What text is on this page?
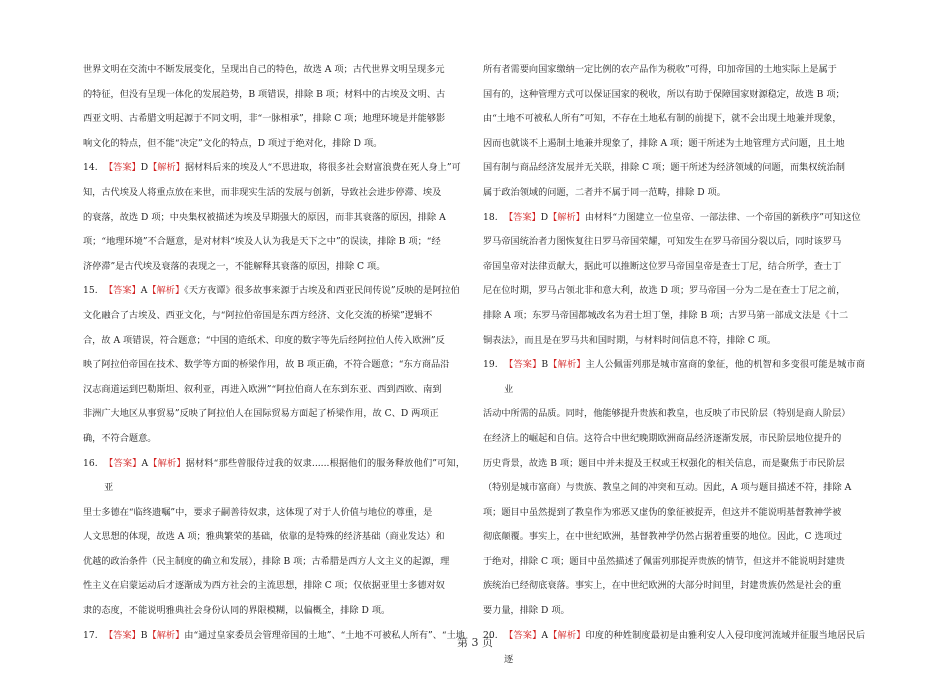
世界文明在交流中不断发展变化，呈现出自己的特色，故选 A 项；古代世界文明呈现多元

的特征，但没有呈现一体化的发展趋势，B 项错误，排除 B 项；材料中的古埃及文明、古

西亚文明、古希腊文明起源于不同文明，非“一脉相承”，排除 C 项；地理环境是并能够影

响文化的特点，但不能“决定”文化的特点，D 项过于绝对化，排除 D 项。

14. 【答案】D【解析】据材料后来的埃及人“不思进取，将很多社会财富浪费在死人身上”可

知，古代埃及人将重点放在来世，而非现实生活的发展与创新，导致社会进步停滞、埃及

的衰落，故选 D 项；中央集权被描述为埃及早期强大的原因，而非其衰落的原因，排除 A

项；“地理环境”不合题意，是对材料“埃及人认为我是天下之中”的误读，排除 B 项；“经

济停滞”是古代埃及衰落的表现之一，不能解释其衰落的原因，排除 C 项。

15. 【答案】A【解析】《天方夜谭》很多故事来源于古埃及和西亚民间传说”反映的是阿拉伯

文化融合了古埃及、西亚文化，与“阿拉伯帝国是东西方经济、文化交流的桥梁”逻辑不

合，故 A 项错误，符合题意；“中国的造纸术、印度的数字等先后经阿拉伯人传入欧洲”反

映了阿拉伯帝国在技术、数学等方面的桥梁作用，故 B 项正确，不符合题意；“东方商品沿

汉志商道运到巴勒斯坦、叙利亚，再进入欧洲”“阿拉伯商人在东到东亚、西到西欧、南到

非洲广大地区从事贸易”反映了阿拉伯人在国际贸易方面起了桥梁作用，故 C、D 两项正

确，不符合题意。

16. 【答案】A【解析】据材料“那些曾服侍过我的奴隶......根据他们的服务释放他们”可知，亚

里士多德在“临终遗嘱”中，要求子嗣善待奴隶，这体现了对于人价值与地位的尊重，是

人文思想的体现，故选 A 项；雅典繁荣的基础，依靠的是特殊的经济基础（商业发达）和

优越的政治条件（民主制度的确立和发展），排除 B 项；古希腊是西方人文主义的起源，理

性主义在启蒙运动后才逐渐成为西方社会的主流思想，排除 C 项；仅依据亚里士多德对奴

隶的态度，不能说明雅典社会身份认同的界限模糊，以偏概全，排除 D 项。

17. 【答案】B【解析】由“通过皇家委员会管理帝国的土地”、“土地不可被私人所有”、“土地

所有者需要向国家缴纳一定比例的农产品作为税收”可得，印加帝国的土地实际上是属于

国有的，这种管理方式可以保证国家的税收，所以有助于保障国家财源稳定，故选 B 项；

由“土地不可被私人所有”可知，不存在土地私有制的前提下，就不会出现土地兼并现象，

因而也就谈不上遏制土地兼并现象了，排除 A 项；题干所述为土地管理方式问题，且土地

国有制与商品经济发展并无关联，排除 C 项；题干所述为经济领域的问题，而集权统治制

属于政治领域的问题，二者并不属于同一范畴，排除 D 项。

18. 【答案】D【解析】由材料“力图建立一位皇帝、一部法律、一个帝国的新秩序”可知这位

罗马帝国统治者力图恢复往日罗马帝国荣耀，可知发生在罗马帝国分裂以后，同时该罗马

帝国皇帝对法律贡献大，据此可以推断这位罗马帝国皇帝是查士丁尼，结合所学，查士丁

尼在位时期，罗马占领北非和意大利，故选 D 项；罗马帝国一分为二是在查士丁尼之前，

排除 A 项；东罗马帝国都城改名为君士坦丁堡，排除 B 项；古罗马第一部成文法是《十二

铜表法》，而且是在罗马共和国时期，与材料时间信息不符，排除 C 项。

19. 【答案】B【解析】主人公佩雷列那是城市富商的象征，他的机智和多变很可能是城市商业

活动中所需的品质。同时，他能够提升贵族和教皇，也反映了市民阶层（特别是商人阶层）

在经济上的崛起和自信。这符合中世纪晚期欧洲商品经济逐渐发展，市民阶层地位提升的

历史背景，故选 B 项；题目中并未提及王权或王权强化的相关信息，而是聚焦于市民阶层

（特别是城市富商）与贵族、教皇之间的冲突和互动。因此，A 项与题目描述不符，排除 A

项；题目中虽然提到了教皇作为邪恶又虚伪的象征被捉弄，但这并不能说明基督教神学被

彻底颠覆。事实上，在中世纪欧洲，基督教神学仍然占据着重要的地位。因此，C 选项过

于绝对，排除 C 项；题目中虽然描述了佩雷列那捉弄贵族的情节，但这并不能说明封建贵

族统治已经彻底衰落。事实上，在中世纪欧洲的大部分时间里，封建贵族仍然是社会的重

要力量，排除 D 项。

20. 【答案】A【解析】印度的种姓制度最初是由雅利安人入侵印度河流域并征服当地居民后逐

第 3 页
